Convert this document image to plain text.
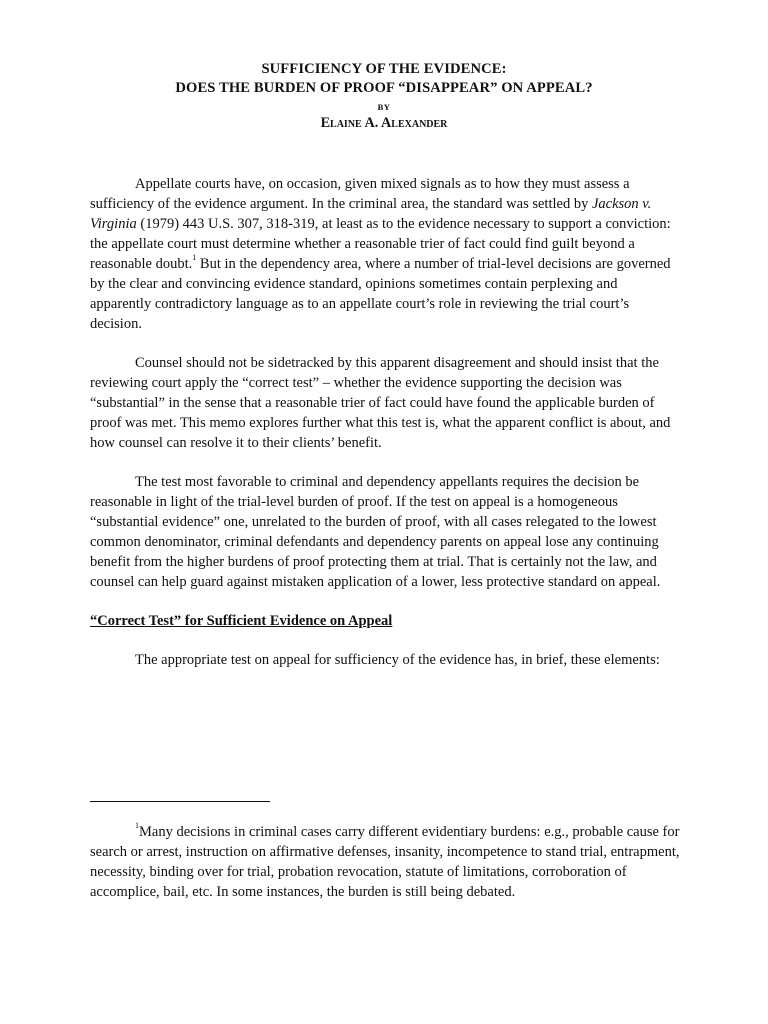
SUFFICIENCY OF THE EVIDENCE:
DOES THE BURDEN OF PROOF “DISAPPEAR” ON APPEAL?
BY
Elaine A. Alexander

Appellate courts have, on occasion, given mixed signals as to how they must assess a sufficiency of the evidence argument. In the criminal area, the standard was settled by Jackson v. Virginia (1979) 443 U.S. 307, 318-319, at least as to the evidence necessary to support a conviction: the appellate court must determine whether a reasonable trier of fact could find guilt beyond a reasonable doubt.$^1$ But in the dependency area, where a number of trial-level decisions are governed by the clear and convincing evidence standard, opinions sometimes contain perplexing and apparently contradictory language as to an appellate court’s role in reviewing the trial court’s decision.

Counsel should not be sidetracked by this apparent disagreement and should insist that the reviewing court apply the “correct test” – whether the evidence supporting the decision was “substantial” in the sense that a reasonable trier of fact could have found the applicable burden of proof was met. This memo explores further what this test is, what the apparent conflict is about, and how counsel can resolve it to their clients’ benefit.

The test most favorable to criminal and dependency appellants requires the decision be reasonable in light of the trial-level burden of proof. If the test on appeal is a homogeneous “substantial evidence” one, unrelated to the burden of proof, with all cases relegated to the lowest common denominator, criminal defendants and dependency parents on appeal lose any continuing benefit from the higher burdens of proof protecting them at trial. That is certainly not the law, and counsel can help guard against mistaken application of a lower, less protective standard on appeal.

“Correct Test” for Sufficient Evidence on Appeal

The appropriate test on appeal for sufficiency of the evidence has, in brief, these elements:

$^1$Many decisions in criminal cases carry different evidentiary burdens: e.g., probable cause for search or arrest, instruction on affirmative defenses, insanity, incompetence to stand trial, entrapment, necessity, binding over for trial, probation revocation, statute of limitations, corroboration of accomplice, bail, etc. In some instances, the burden is still being debated.
